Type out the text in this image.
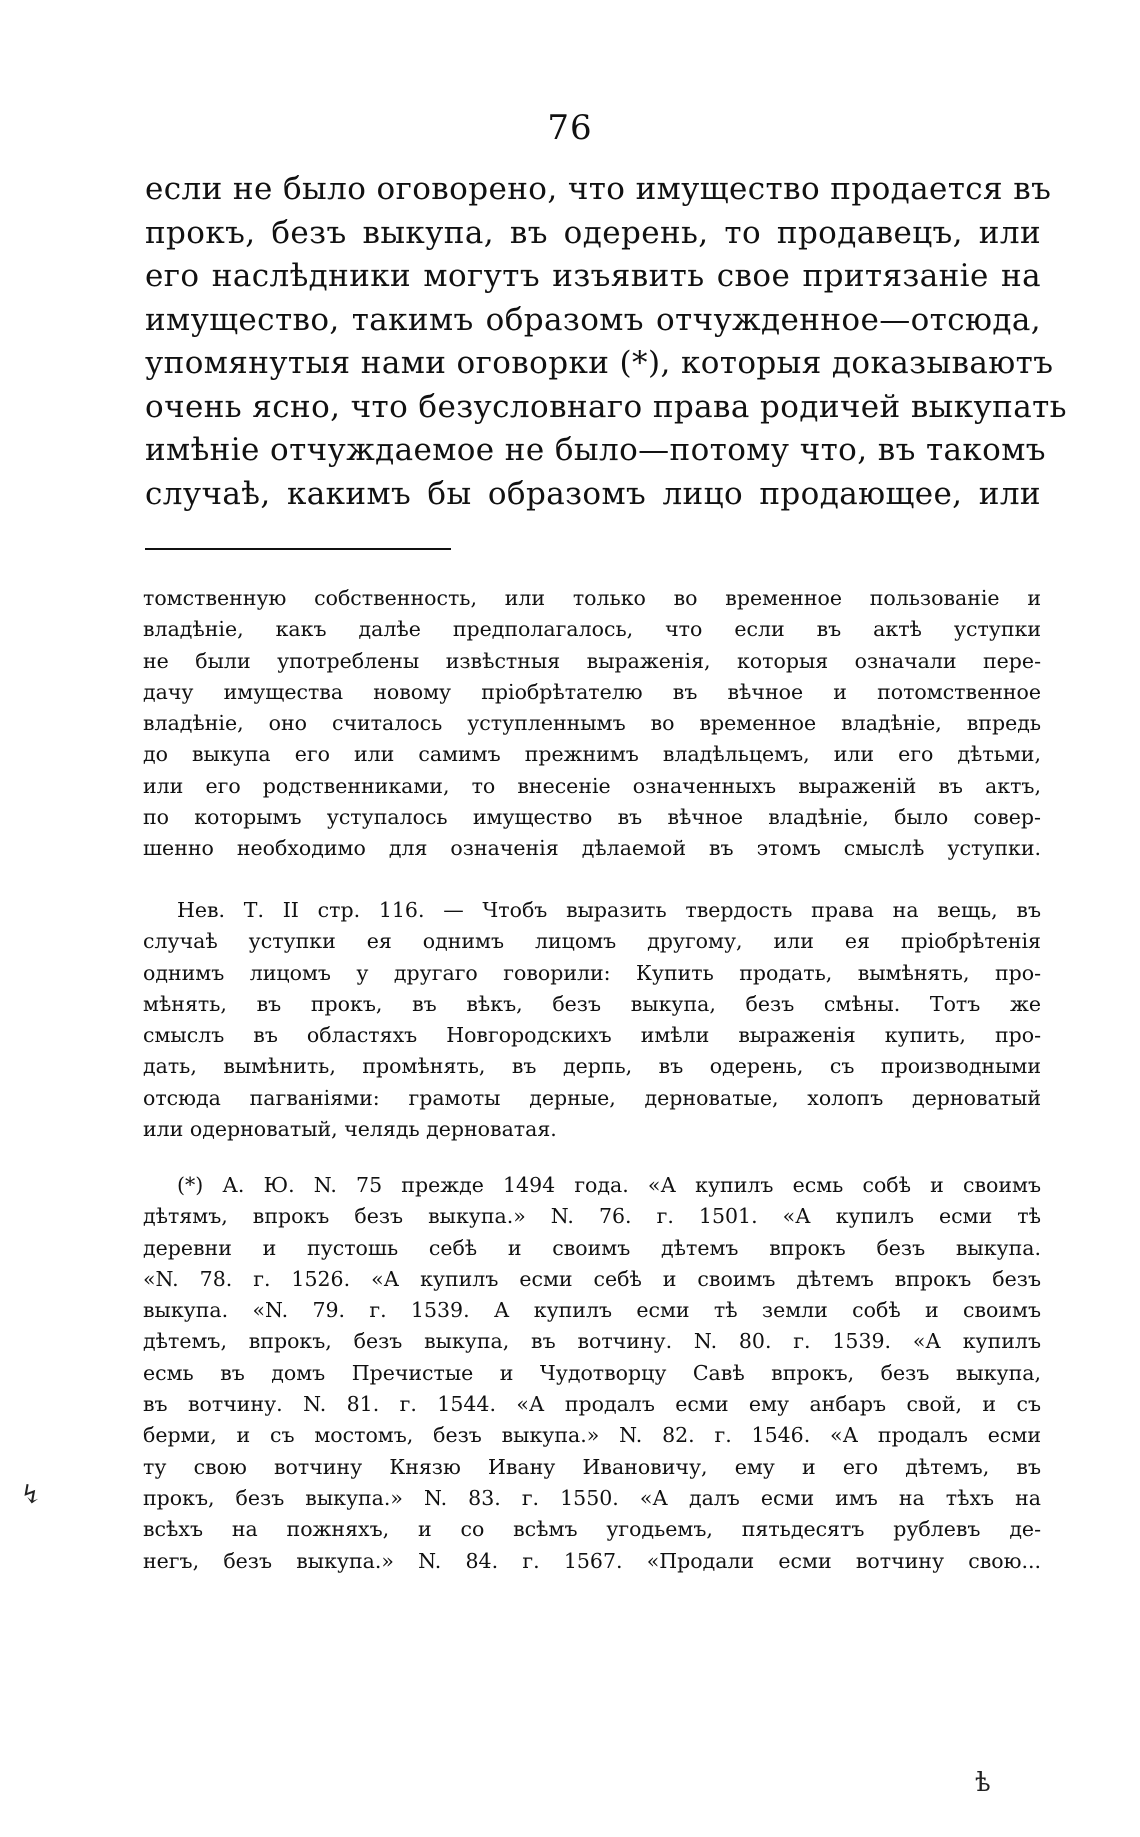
76
если не было оговорено, что имущество продается въ
прокъ, безъ выкупа, въ одерень, то продавецъ, или
его наслѣдники могутъ изъявить свое притязаніе на
имущество, такимъ образомъ отчужденное—отсюда,
упомянутыя нами оговорки (*), которыя доказываютъ
очень ясно, что безусловнаго права родичей выкупать
имѣніе отчуждаемое не было—потому что, въ такомъ
случаѣ, какимъ бы образомъ лицо продающее, или
томственную собственность, или только во временное пользованіе и
владѣніе, какъ далѣе предполагалось, что если въ актѣ уступки
не были употреблены извѣстныя выраженія, которыя означали пере-
дачу имущества новому пріобрѣтателю въ вѣчное и потомственное
владѣніе, оно считалось уступленнымъ во временное владѣніе, впредь
до выкупа его или самимъ прежнимъ владѣльцемъ, или его дѣтьми,
или его родственниками, то внесеніе означенныхъ выраженій въ актъ,
по которымъ уступалось имущество въ вѣчное владѣніе, было совер-
шенно необходимо для означенія дѣлаемой въ этомъ смыслѣ уступки.
Нев. Т. II стр. 116. — Чтобъ выразить твердость права на вещь, въ
случаѣ уступки ея однимъ лицомъ другому, или ея пріобрѣтенія
однимъ лицомъ у другаго говорили: Купить продать, вымѣнять, про-
мѣнять, въ прокъ, въ вѣкъ, безъ выкупа, безъ смѣны. Тотъ же
смыслъ въ областяхъ Новгородскихъ имѣли выраженія купить, про-
дать, вымѣнить, промѣнять, въ дерпь, въ одерень, съ производными
отсюда пагваніями: грамоты дерные, дерноватые, холопъ дерноватый
или одерноватый, челядь дерноватая.
(*) А. Ю. N. 75 прежде 1494 года. «А купилъ есмь собѣ и своимъ
дѣтямъ, впрокъ безъ выкупа.» N. 76. г. 1501. «А купилъ есми тѣ
деревни и пустошь себѣ и своимъ дѣтемъ впрокъ безъ выкупа.
«N. 78. г. 1526. «А купилъ есми себѣ и своимъ дѣтемъ впрокъ безъ
выкупа. «N. 79. г. 1539. А купилъ есми тѣ земли собѣ и своимъ
дѣтемъ, впрокъ, безъ выкупа, въ вотчину. N. 80. г. 1539. «А купилъ
есмь въ домъ Пречистые и Чудотворцу Савѣ впрокъ, безъ выкупа,
въ вотчину. N. 81. г. 1544. «А продалъ есми ему анбаръ свой, и съ
берми, и съ мостомъ, безъ выкупа.» N. 82. г. 1546. «А продалъ есми
ту свою вотчину Князю Ивану Ивановичу, ему и его дѣтемъ, въ
прокъ, безъ выкупа.» N. 83. г. 1550. «А далъ есми имъ на тѣхъ на
всѣхъ на пожняхъ, и со всѣмъ угодьемъ, пятьдесятъ рублевъ де-
негъ, безъ выкупа.» N. 84. г. 1567. «Продали есми вотчину свою...
↯
ѣ
